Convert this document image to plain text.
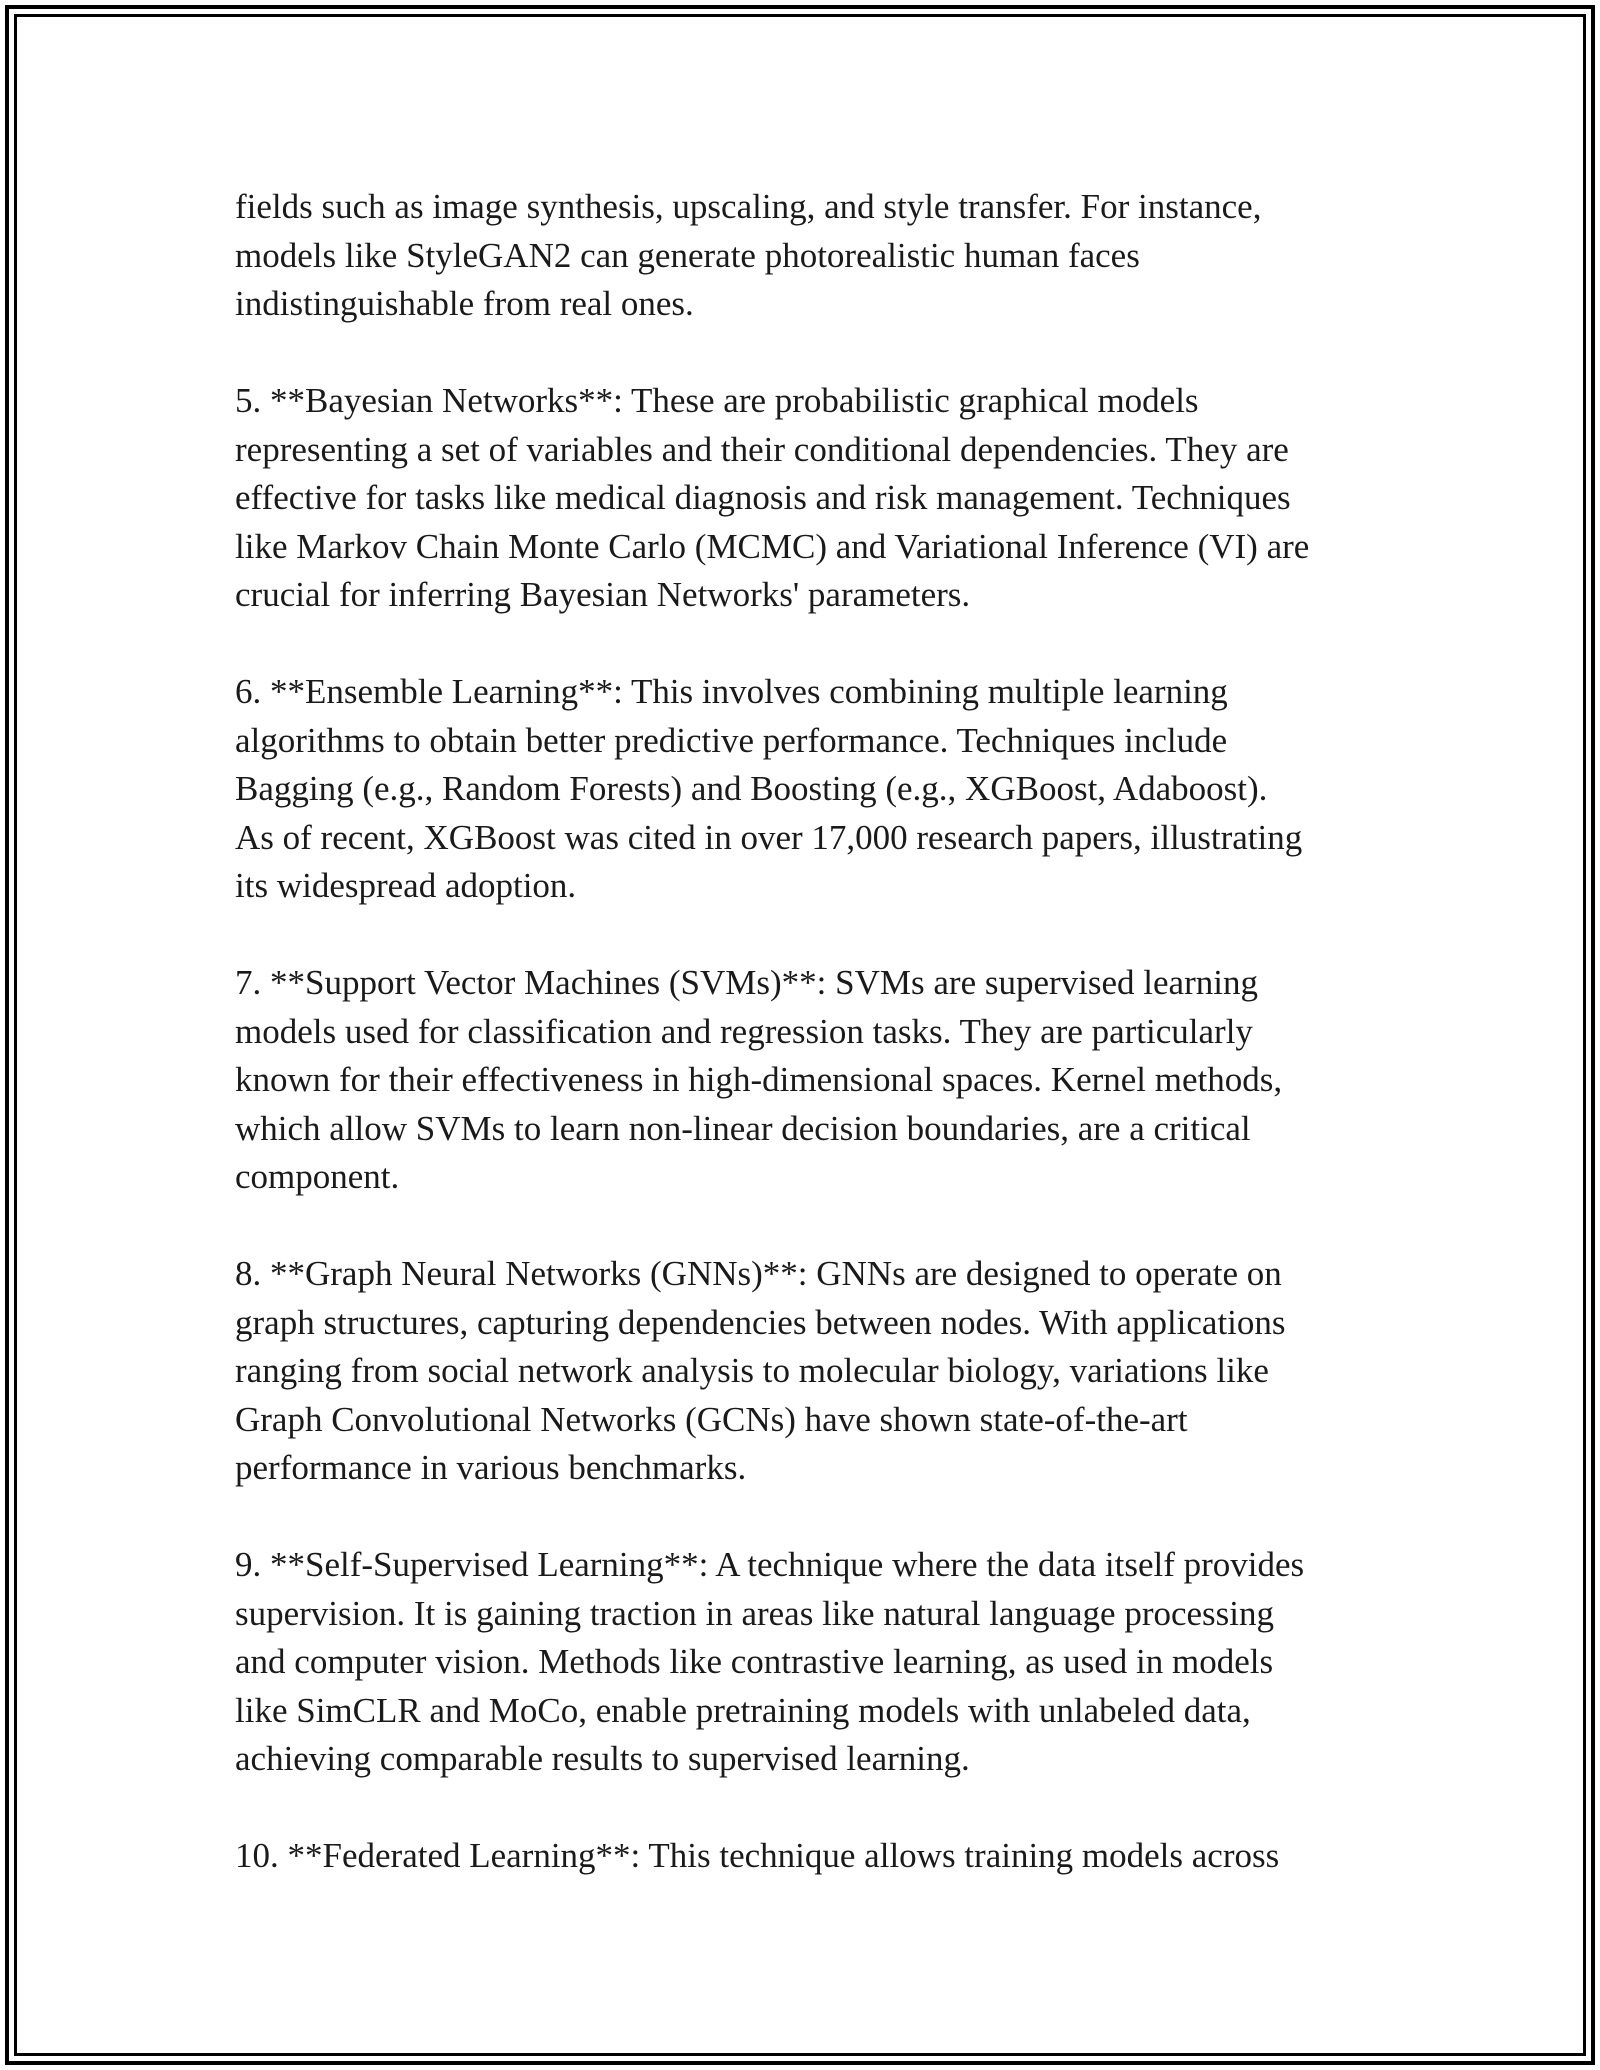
fields such as image synthesis, upscaling, and style transfer. For instance,
models like StyleGAN2 can generate photorealistic human faces
indistinguishable from real ones.
5. **Bayesian Networks**: These are probabilistic graphical models
representing a set of variables and their conditional dependencies. They are
effective for tasks like medical diagnosis and risk management. Techniques
like Markov Chain Monte Carlo (MCMC) and Variational Inference (VI) are
crucial for inferring Bayesian Networks' parameters.
6. **Ensemble Learning**: This involves combining multiple learning
algorithms to obtain better predictive performance. Techniques include
Bagging (e.g., Random Forests) and Boosting (e.g., XGBoost, Adaboost).
As of recent, XGBoost was cited in over 17,000 research papers, illustrating
its widespread adoption.
7. **Support Vector Machines (SVMs)**: SVMs are supervised learning
models used for classification and regression tasks. They are particularly
known for their effectiveness in high-dimensional spaces. Kernel methods,
which allow SVMs to learn non-linear decision boundaries, are a critical
component.
8. **Graph Neural Networks (GNNs)**: GNNs are designed to operate on
graph structures, capturing dependencies between nodes. With applications
ranging from social network analysis to molecular biology, variations like
Graph Convolutional Networks (GCNs) have shown state-of-the-art
performance in various benchmarks.
9. **Self-Supervised Learning**: A technique where the data itself provides
supervision. It is gaining traction in areas like natural language processing
and computer vision. Methods like contrastive learning, as used in models
like SimCLR and MoCo, enable pretraining models with unlabeled data,
achieving comparable results to supervised learning.
10. **Federated Learning**: This technique allows training models across
